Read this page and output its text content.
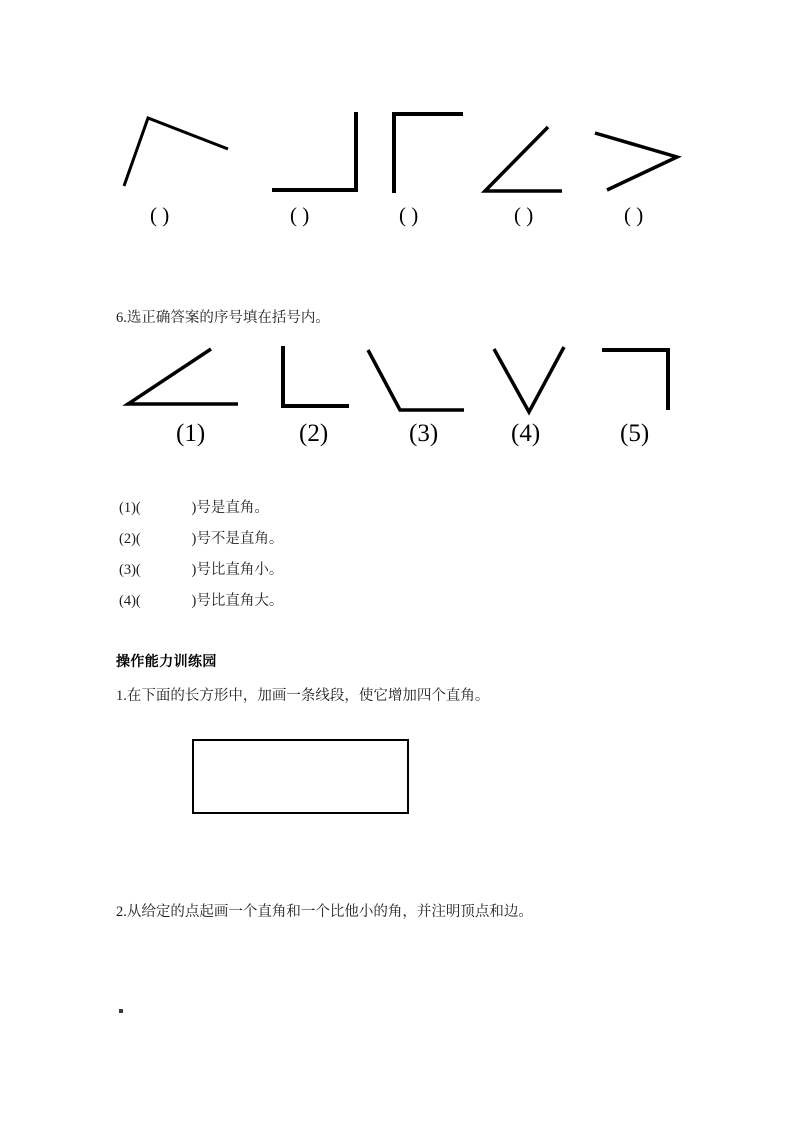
( )	( )	( )	( )	( )
6.选正确答案的序号填在括号内。
(1)	(2)	(3)	(4)	(5)
(1)(              )号是直角。
(2)(              )号不是直角。
(3)(              )号比直角小。
(4)(              )号比直角大。
操作能力训练园
1.在下面的长方形中，加画一条线段，使它增加四个直角。
2.从给定的点起画一个直角和一个比他小的角，并注明顶点和边。
